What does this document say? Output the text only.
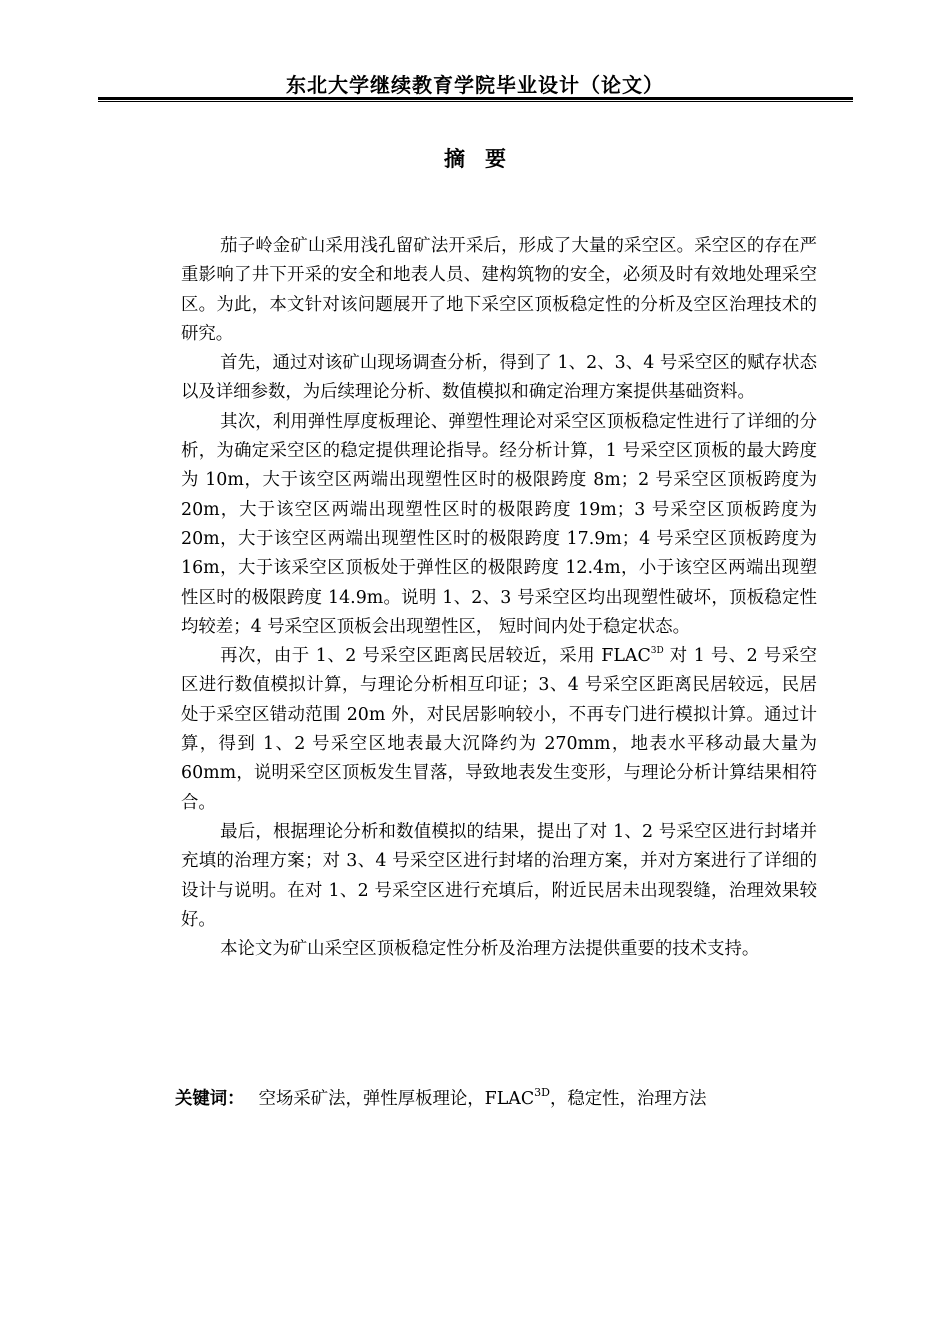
东北大学继续教育学院毕业设计（论文）
摘 要

茄子岭金矿山采用浅孔留矿法开采后，形成了大量的采空区。采空区的存在严重影响了井下开采的安全和地表人员、建构筑物的安全，必须及时有效地处理采空区。为此，本文针对该问题展开了地下采空区顶板稳定性的分析及空区治理技术的研究。

首先，通过对该矿山现场调查分析，得到了 1、2、3、4 号采空区的赋存状态以及详细参数，为后续理论分析、数值模拟和确定治理方案提供基础资料。

其次，利用弹性厚度板理论、弹塑性理论对采空区顶板稳定性进行了详细的分析，为确定采空区的稳定提供理论指导。经分析计算，1 号采空区顶板的最大跨度为 10m，大于该空区两端出现塑性区时的极限跨度 8m；2 号采空区顶板跨度为 20m，大于该空区两端出现塑性区时的极限跨度 19m；3 号采空区顶板跨度为 20m，大于该空区两端出现塑性区时的极限跨度 17.9m；4 号采空区顶板跨度为 16m，大于该采空区顶板处于弹性区的极限跨度 12.4m，小于该空区两端出现塑性区时的极限跨度 14.9m。说明 1、2、3 号采空区均出现塑性破坏，顶板稳定性均较差；4 号采空区顶板会出现塑性区， 短时间内处于稳定状态。

再次，由于 1、2 号采空区距离民居较近，采用 $FLAC^{3D}$ 对 1 号、2 号采空区进行数值模拟计算，与理论分析相互印证；3、4 号采空区距离民居较远，民居处于采空区错动范围 20m 外，对民居影响较小，不再专门进行模拟计算。通过计算，得到 1、2 号采空区地表最大沉降约为 270mm，地表水平移动最大量为 60mm，说明采空区顶板发生冒落，导致地表发生变形，与理论分析计算结果相符合。

最后，根据理论分析和数值模拟的结果，提出了对 1、2 号采空区进行封堵并充填的治理方案；对 3、4 号采空区进行封堵的治理方案，并对方案进行了详细的设计与说明。在对 1、2 号采空区进行充填后，附近民居未出现裂缝，治理效果较好。

本论文为矿山采空区顶板稳定性分析及治理方法提供重要的技术支持。

关键词： 空场采矿法，弹性厚板理论，$FLAC^{3D}$，稳定性，治理方法
